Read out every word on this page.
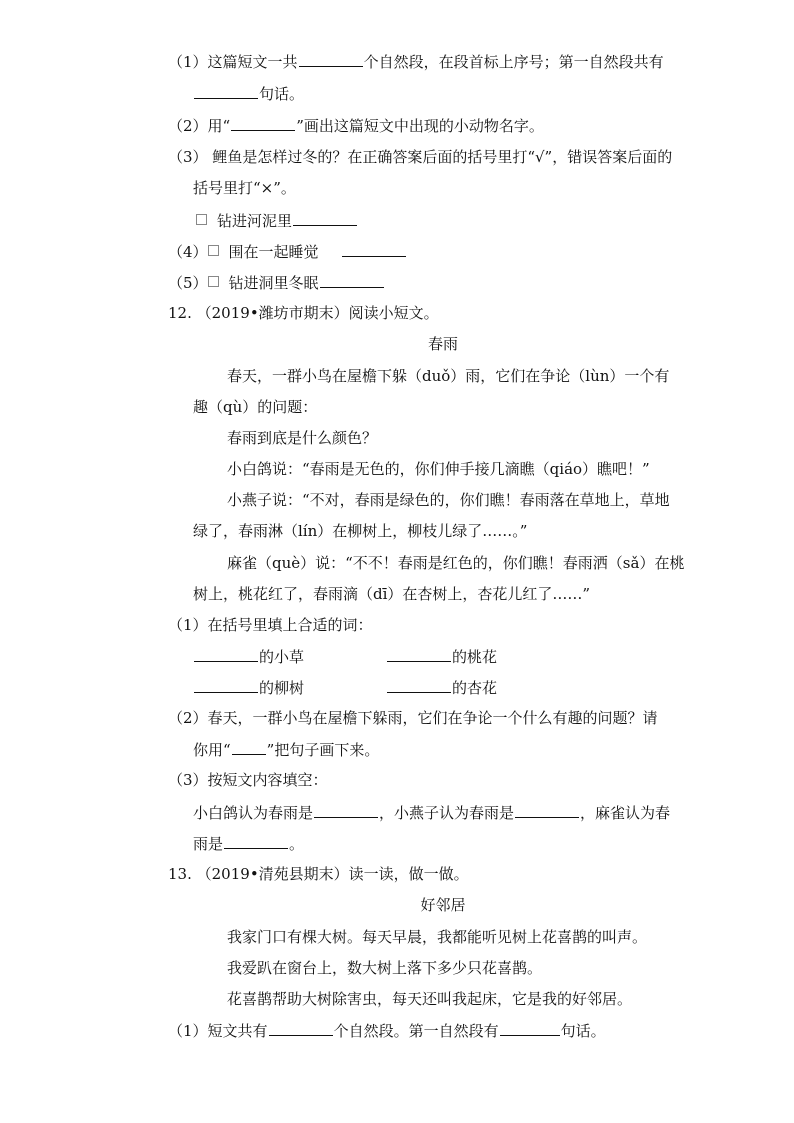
（1）这篇短文一共	个自然段，在段首标上序号；第一自然段共有
句话。
（2）用“	”画出这篇短文中出现的小动物名字。
（3） 鲤鱼是怎样过冬的？在正确答案后面的括号里打“√”，错误答案后面的
括号里打“×”。
钻进河泥里
（4） 围在一起睡觉
（5） 钻进洞里冬眠
12. （2019•潍坊市期末）阅读小短文。
春雨
春天，一群小鸟在屋檐下躲（duǒ）雨，它们在争论（lùn）一个有
趣（qù）的问题：
春雨到底是什么颜色？
小白鸽说：“春雨是无色的，你们伸手接几滴瞧（qiáo）瞧吧！”
小燕子说：“不对，春雨是绿色的，你们瞧！春雨落在草地上，草地
绿了，春雨淋（lín）在柳树上，柳枝儿绿了……。”
麻雀（què）说：“不不！春雨是红色的，你们瞧！春雨洒（sǎ）在桃
树上，桃花红了，春雨滴（dī）在杏树上，杏花儿红了……”
（1）在括号里填上合适的词：
的小草	的桃花
的柳树	的杏花
（2）春天，一群小鸟在屋檐下躲雨，它们在争论一个什么有趣的问题？请
你用“ ”把句子画下来。
（3）按短文内容填空：
小白鸽认为春雨是	，小燕子认为春雨是	，麻雀认为春
雨是	。
13. （2019•清苑县期末）读一读，做一做。
好邻居
我家门口有棵大树。每天早晨，我都能听见树上花喜鹊的叫声。
我爱趴在窗台上，数大树上落下多少只花喜鹊。
花喜鹊帮助大树除害虫，每天还叫我起床，它是我的好邻居。
（1）短文共有	个自然段。第一自然段有	句话。
